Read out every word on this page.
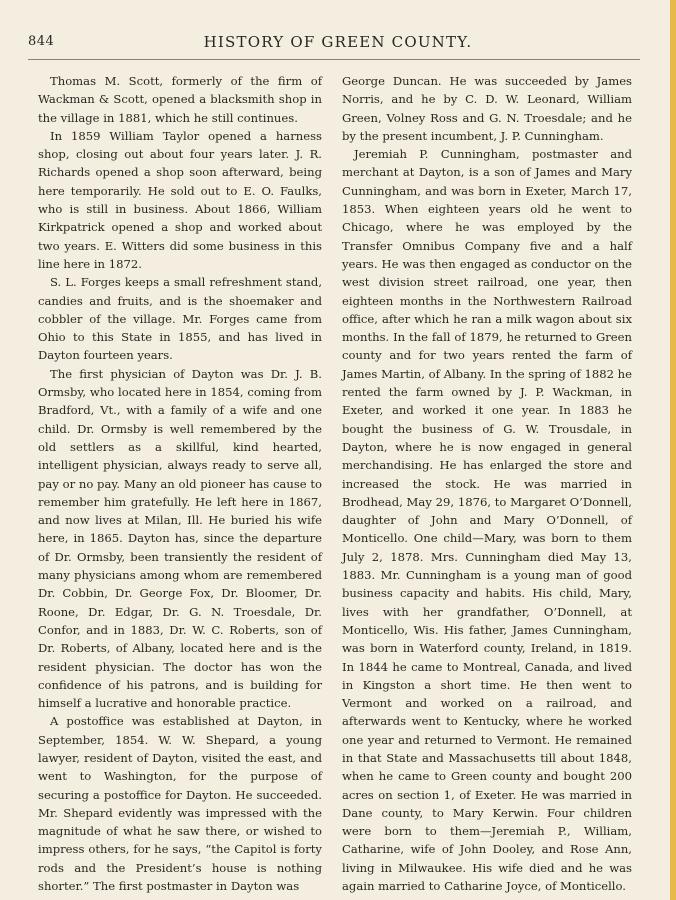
844	HISTORY OF GREEN COUNTY.

Thomas M. Scott, formerly of the firm of Wackman & Scott, opened a blacksmith shop in the village in 1881, which he still continues.

In 1859 William Taylor opened a harness shop, closing out about four years later. J. R. Richards opened a shop soon afterward, being here temporarily. He sold out to E. O. Faulks, who is still in business. About 1866, William Kirkpatrick opened a shop and worked about two years. E. Witters did some business in this line here in 1872.

S. L. Forges keeps a small refreshment stand, candies and fruits, and is the shoemaker and cobbler of the village. Mr. Forges came from Ohio to this State in 1855, and has lived in Dayton fourteen years.

The first physician of Dayton was Dr. J. B. Ormsby, who located here in 1854, coming from Bradford, Vt., with a family of a wife and one child. Dr. Ormsby is well remembered by the old settlers as a skillful, kind hearted, intelligent physician, always ready to serve all, pay or no pay. Many an old pioneer has cause to remember him gratefully. He left here in 1867, and now lives at Milan, Ill. He buried his wife here, in 1865. Dayton has, since the departure of Dr. Ormsby, been transiently the resident of many physicians among whom are remembered Dr. Cobbin, Dr. George Fox, Dr. Bloomer, Dr. Roone, Dr. Edgar, Dr. G. N. Troesdale, Dr. Confor, and in 1883, Dr. W. C. Roberts, son of Dr. Roberts, of Albany, located here and is the resident physician. The doctor has won the confidence of his patrons, and is building for himself a lucrative and honorable practice.

A postoffice was established at Dayton, in September, 1854. W. W. Shepard, a young lawyer, resident of Dayton, visited the east, and went to Washington, for the purpose of securing a postoffice for Dayton. He succeeded. Mr. Shepard evidently was impressed with the magnitude of what he saw there, or wished to impress others, for he says, “the Capitol is forty rods and the President’s house is nothing shorter.” The first postmaster in Dayton was

George Duncan. He was succeeded by James Norris, and he by C. D. W. Leonard, William Green, Volney Ross and G. N. Troesdale; and he by the present incumbent, J. P. Cunningham.

Jeremiah P. Cunningham, postmaster and merchant at Dayton, is a son of James and Mary Cunningham, and was born in Exeter, March 17, 1853. When eighteen years old he went to Chicago, where he was employed by the Transfer Omnibus Company five and a half years. He was then engaged as conductor on the west division street railroad, one year, then eighteen months in the Northwestern Railroad office, after which he ran a milk wagon about six months. In the fall of 1879, he returned to Green county and for two years rented the farm of James Martin, of Albany. In the spring of 1882 he rented the farm owned by J. P. Wackman, in Exeter, and worked it one year. In 1883 he bought the business of G. W. Trousdale, in Dayton, where he is now engaged in general merchandising. He has enlarged the store and increased the stock. He was married in Brodhead, May 29, 1876, to Margaret O’Donnell, daughter of John and Mary O’Donnell, of Monticello. One child—Mary, was born to them July 2, 1878. Mrs. Cunningham died May 13, 1883. Mr. Cunningham is a young man of good business capacity and habits. His child, Mary, lives with her grandfather, O’Donnell, at Monticello, Wis. His father, James Cunningham, was born in Waterford county, Ireland, in 1819. In 1844 he came to Montreal, Canada, and lived in Kingston a short time. He then went to Vermont and worked on a railroad, and afterwards went to Kentucky, where he worked one year and returned to Vermont. He remained in that State and Massachusetts till about 1848, when he came to Green county and bought 200 acres on section 1, of Exeter. He was married in Dane county, to Mary Kerwin. Four children were born to them—Jeremiah P., William, Catharine, wife of John Dooley, and Rose Ann, living in Milwaukee. His wife died and he was again married to Catharine Joyce, of Monticello.
